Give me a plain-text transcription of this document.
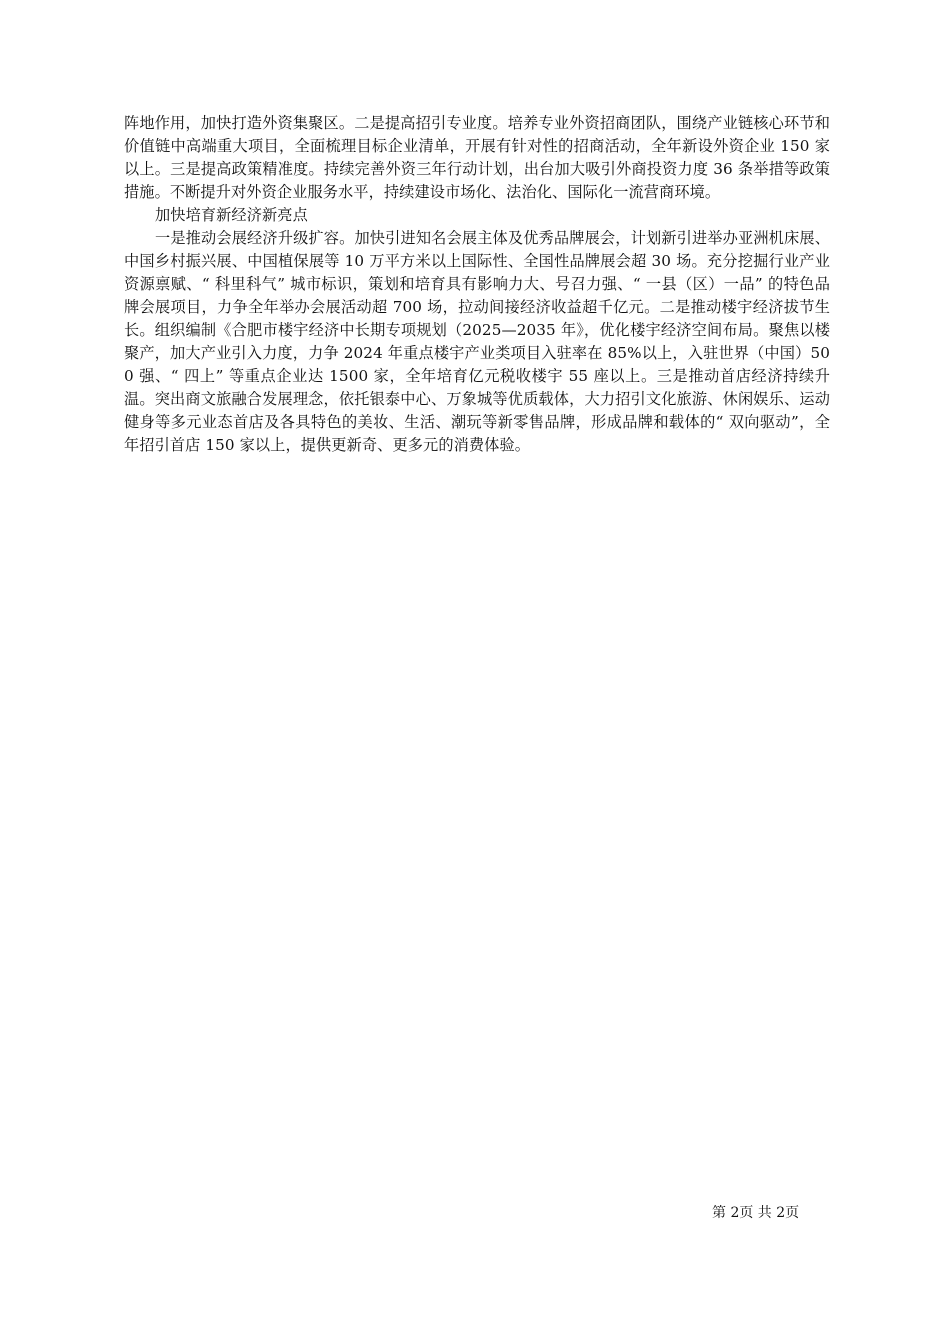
阵地作用，加快打造外资集聚区。二是提高招引专业度。培养专业外资招商团队，围绕产业链核心环节和价值链中高端重大项目，全面梳理目标企业清单，开展有针对性的招商活动，全年新设外资企业 150 家以上。三是提高政策精准度。持续完善外资三年行动计划，出台加大吸引外商投资力度 36 条举措等政策措施。不断提升对外资企业服务水平，持续建设市场化、法治化、国际化一流营商环境。

加快培育新经济新亮点

一是推动会展经济升级扩容。加快引进知名会展主体及优秀品牌展会，计划新引进举办亚洲机床展、中国乡村振兴展、中国植保展等 10 万平方米以上国际性、全国性品牌展会超 30 场。充分挖掘行业产业资源禀赋、“ 科里科气” 城市标识，策划和培育具有影响力大、号召力强、“ 一县（区）一品” 的特色品牌会展项目，力争全年举办会展活动超 700 场，拉动间接经济收益超千亿元。二是推动楼宇经济拔节生长。组织编制《合肥市楼宇经济中长期专项规划（2025—2035 年》，优化楼宇经济空间布局。聚焦以楼聚产，加大产业引入力度，力争 2024 年重点楼宇产业类项目入驻率在 85%以上，入驻世界（中国）500 强、“ 四上” 等重点企业达 1500 家，全年培育亿元税收楼宇 55 座以上。三是推动首店经济持续升温。突出商文旅融合发展理念，依托银泰中心、万象城等优质载体，大力招引文化旅游、休闲娱乐、运动健身等多元业态首店及各具特色的美妆、生活、潮玩等新零售品牌，形成品牌和载体的“ 双向驱动”，全年招引首店 150 家以上，提供更新奇、更多元的消费体验。

第 2页 共 2页
